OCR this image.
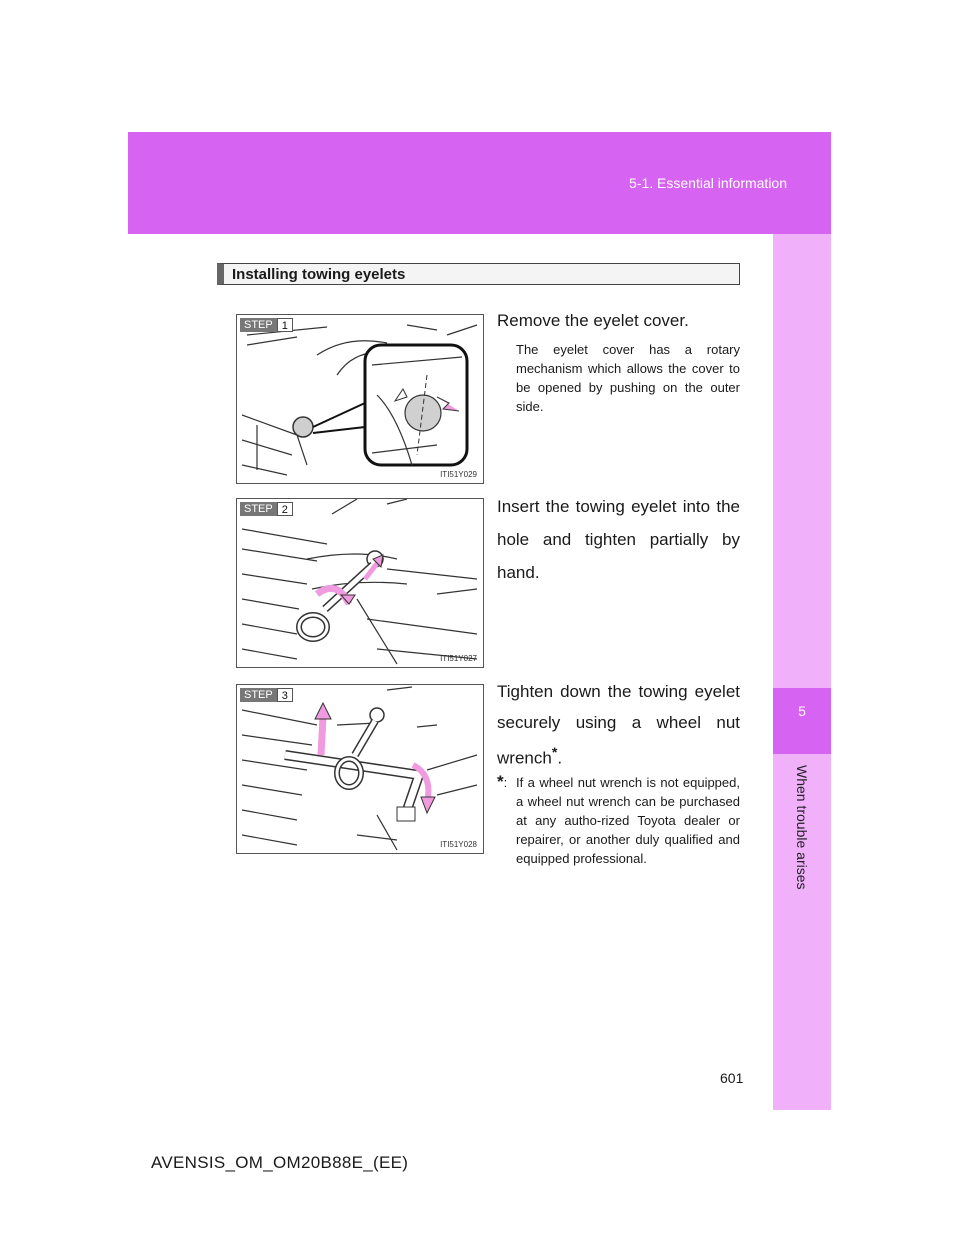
5-1. Essential information
5
When trouble arises
Installing towing eyelets
STEP 1
ITI51Y029
Remove the eyelet cover.
The eyelet cover has a rotary mechanism which allows the cover to be opened by pushing on the outer side.
STEP 2
ITI51Y027
Insert the towing eyelet into the hole and tighten partially by hand.
STEP 3
ITI51Y028
Tighten down the towing eyelet securely using a wheel nut wrench*.
*: If a wheel nut wrench is not equipped, a wheel nut wrench can be purchased at any autho-rized Toyota dealer or repairer, or another duly qualified and equipped professional.
601
AVENSIS_OM_OM20B88E_(EE)
